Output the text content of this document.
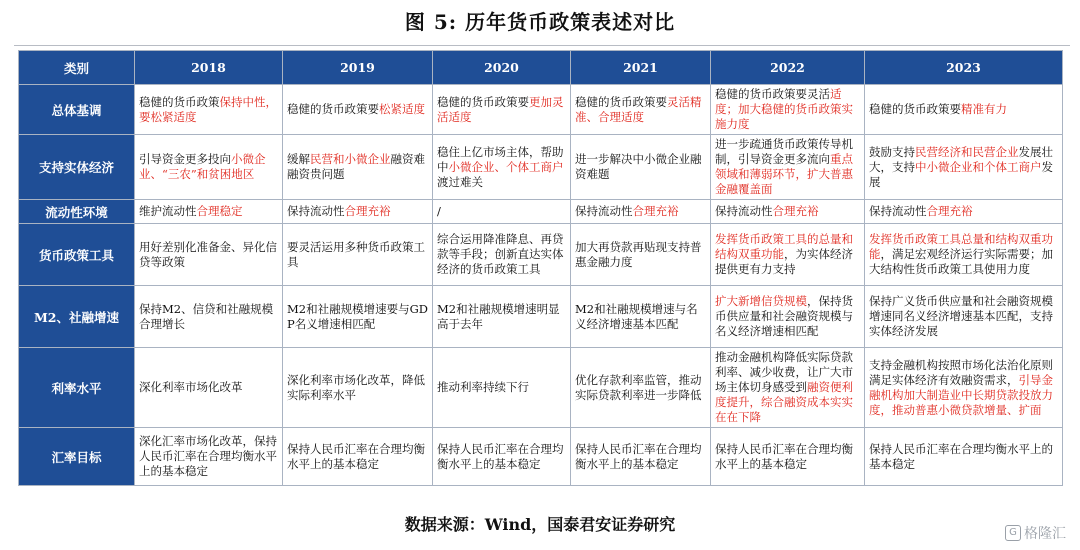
图 5: 历年货币政策表述对比
类别	2018	2019	2020	2021	2022	2023
总体基调	稳健的货币政策保持中性，要松紧适度	稳健的货币政策要松紧适度	稳健的货币政策要更加灵活适度	稳健的货币政策要灵活精准、合理适度	稳健的货币政策要灵活适度；加大稳健的货币政策实施力度	稳健的货币政策要精准有力
支持实体经济	引导资金更多投向小微企业、“三农”和贫困地区	缓解民营和小微企业融资难融资贵问题	稳住上亿市场主体，帮助中小微企业、个体工商户渡过难关	进一步解决中小微企业融资难题	进一步疏通货币政策传导机制，引导资金更多流向重点领域和薄弱环节，扩大普惠金融覆盖面	鼓励支持民营经济和民营企业发展壮大，支持中小微企业和个体工商户发展
流动性环境	维护流动性合理稳定	保持流动性合理充裕	/	保持流动性合理充裕	保持流动性合理充裕	保持流动性合理充裕
货币政策工具	用好差别化准备金、异化信贷等政策	要灵活运用多种货币政策工具	综合运用降准降息、再贷款等手段；创新直达实体经济的货币政策工具	加大再贷款再贴现支持普惠金融力度	发挥货币政策工具的总量和结构双重功能，为实体经济提供更有力支持	发挥货币政策工具总量和结构双重功能，满足宏观经济运行实际需要；加大结构性货币政策工具使用力度
M2、社融增速	保持M2、信贷和社融规模合理增长	M2和社融规模增速要与GDP名义增速相匹配	M2和社融规模增速明显高于去年	M2和社融规模增速与名义经济增速基本匹配	扩大新增信贷规模，保持货币供应量和社会融资规模与名义经济增速相匹配	保持广义货币供应量和社会融资规模增速同名义经济增速基本匹配，支持实体经济发展
利率水平	深化利率市场化改革	深化利率市场化改革，降低实际利率水平	推动利率持续下行	优化存款利率监管，推动实际贷款利率进一步降低	推动金融机构降低实际贷款利率、减少收费，让广大市场主体切身感受到融资便利度提升，综合融资成本实实在在下降	支持金融机构按照市场化法治化原则满足实体经济有效融资需求，引导金融机构加大制造业中长期贷款投放力度，推动普惠小微贷款增量、扩面
汇率目标	深化汇率市场化改革，保持人民币汇率在合理均衡水平上的基本稳定	保持人民币汇率在合理均衡水平上的基本稳定	保持人民币汇率在合理均衡水平上的基本稳定	保持人民币汇率在合理均衡水平上的基本稳定	保持人民币汇率在合理均衡水平上的基本稳定	保持人民币汇率在合理均衡水平上的基本稳定
数据来源：Wind，国泰君安证券研究	G 格隆汇
